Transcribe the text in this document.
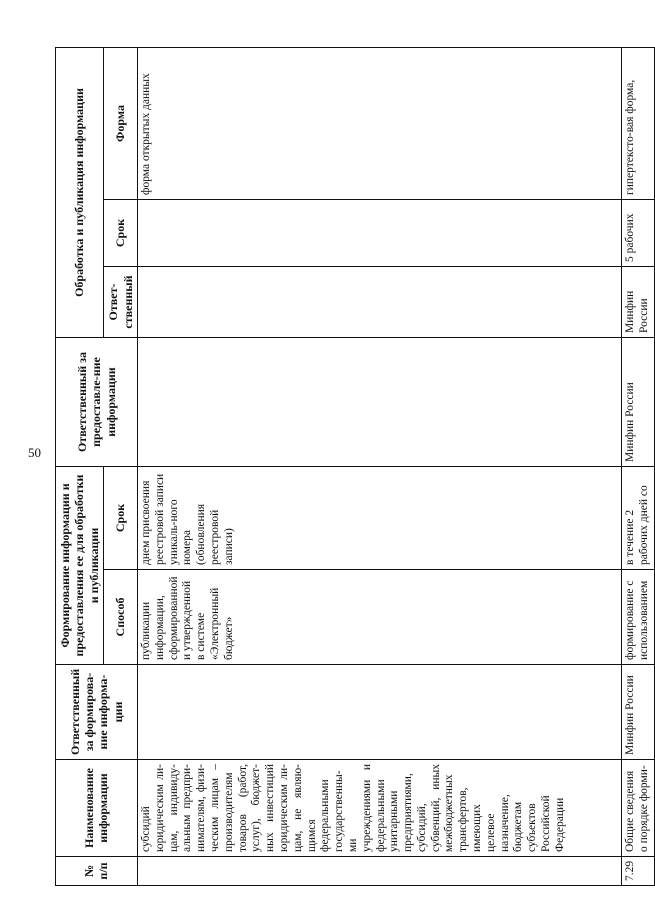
50
№ п/п	Наименование информации	Ответственный за формирова-ние информа-ции	Формирование информации и предоставления ее для обработки и публикации		Ответственный за предоставле-ние информации	Обработка и публикация информации		
			Способ	Срок		Ответ-ственный	Срок	Форма
	субсидий юридическим ли-цам, индивиду-альным предпри-нимателям, физи-ческим лицам – производителям товаров (работ, услуг), бюджет-ных инвестиций юридическим ли-цам, не являю-щимся федеральными государственны-ми учреждениями и федеральными унитарными предприятиями, субсидий, субвенций, иных межбюджетных трансфертов, имеющих целевое назначение, бюджетам субъектов Российской Федерации		публикации информации, сформированной и утвержденной в системе «Электронный бюджет»	днем присвоения реестровой записи уникаль-ного номера (обновления реестровой записи)				форма открытых данных
7.29	Общие сведения о порядке форми-	Минфин России	формирование с использованием	в течение 2 рабочих дней со	Минфин России	Минфин России	5 рабочих	гипертексто-вая форма,
